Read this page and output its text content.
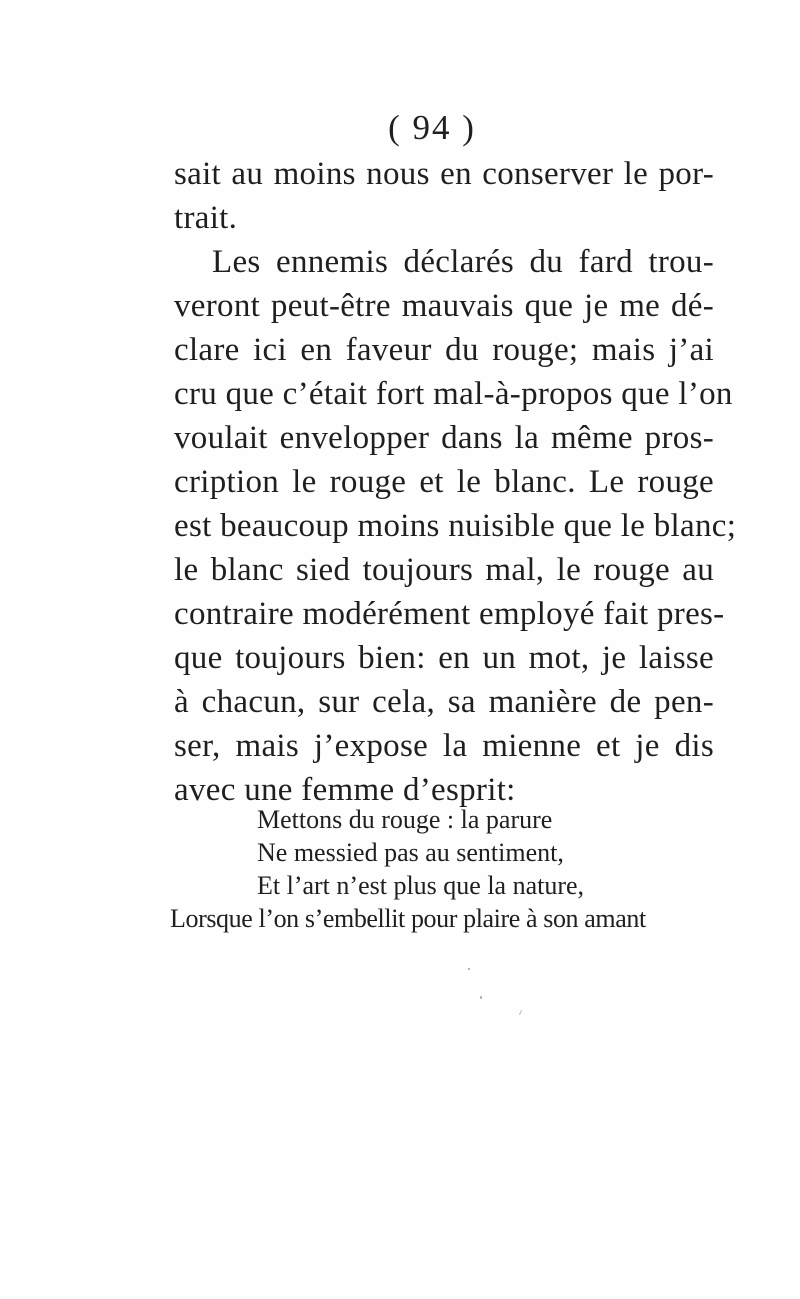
( 94 )
sait au moins nous en conserver le por-
trait.
Les ennemis déclarés du fard trou-
veront peut-être mauvais que je me dé-
clare ici en faveur du rouge; mais j’ai
cru que c’était fort mal-à-propos que l’on
voulait envelopper dans la même pros-
cription le rouge et le blanc. Le rouge
est beaucoup moins nuisible que le blanc;
le blanc sied toujours mal, le rouge au
contraire modérément employé fait pres-
que toujours bien: en un mot, je laisse
à chacun, sur cela, sa manière de pen-
ser, mais j’expose la mienne et je dis
avec une femme d’esprit:
Mettons du rouge : la parure
Ne messied pas au sentiment,
Et l’art n’est plus que la nature,
Lorsque l’on s’embellit pour plaire à son amant
